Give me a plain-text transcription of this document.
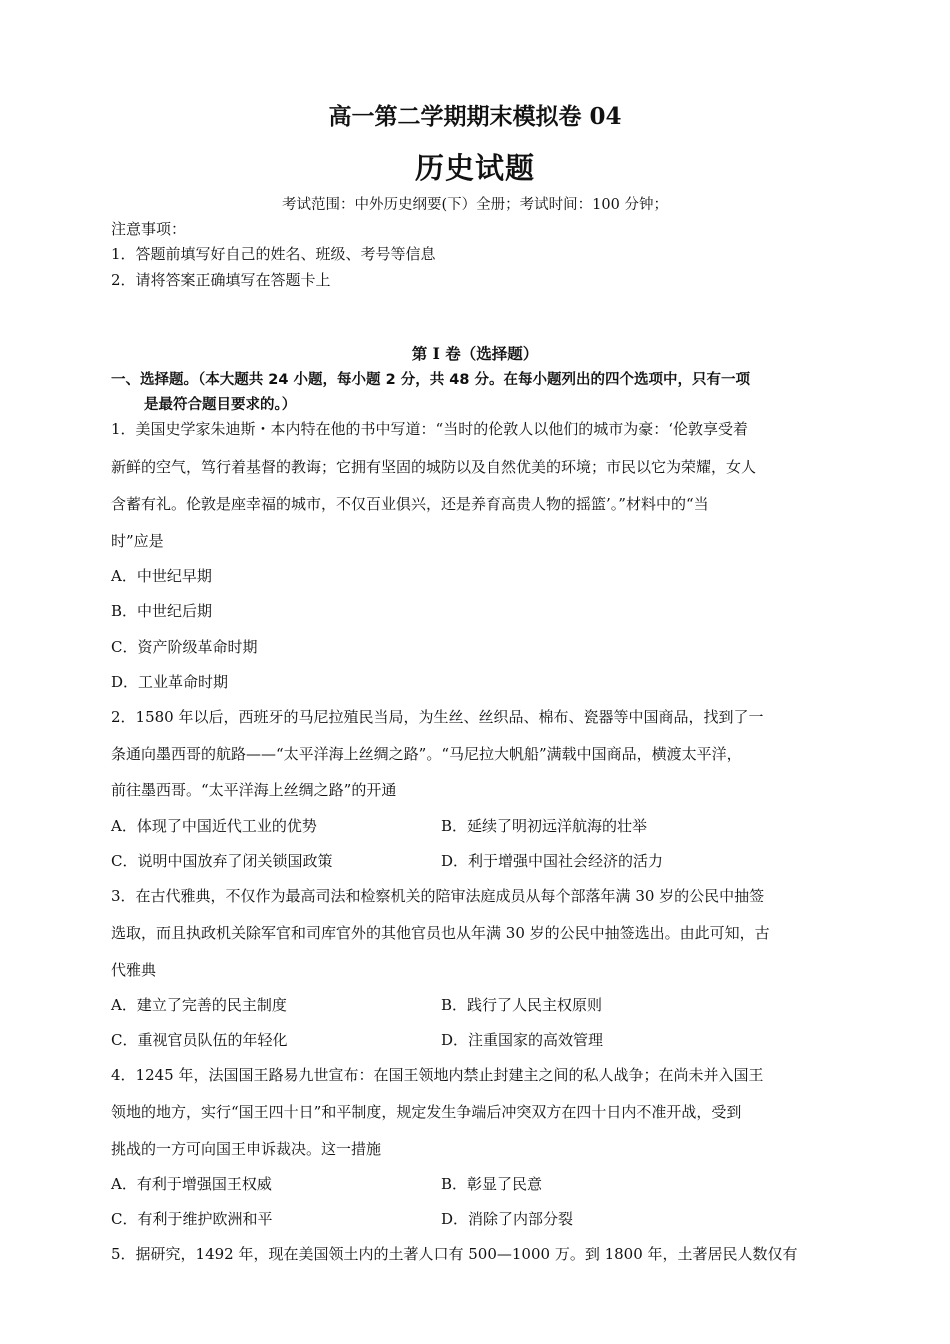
高一第二学期期末模拟卷 04
历史试题
考试范围：中外历史纲要(下）全册；考试时间：100 分钟；
注意事项：
1．答题前填写好自己的姓名、班级、考号等信息
2．请将答案正确填写在答题卡上
第 I 卷（选择题）
一、选择题。（本大题共 24 小题，每小题 2 分，共 48 分。在每小题列出的四个选项中，只有一项
是最符合题目要求的。）
1．美国史学家朱迪斯・本内特在他的书中写道：“当时的伦敦人以他们的城市为豪：‘伦敦享受着
新鲜的空气，笃行着基督的教诲；它拥有坚固的城防以及自然优美的环境；市民以它为荣耀，女人
含蓄有礼。伦敦是座幸福的城市，不仅百业俱兴，还是养育高贵人物的摇篮’。”材料中的“当
时”应是
A．中世纪早期
B．中世纪后期
C．资产阶级革命时期
D．工业革命时期
2．1580 年以后，西班牙的马尼拉殖民当局，为生丝、丝织品、棉布、瓷器等中国商品，找到了一
条通向墨西哥的航路——“太平洋海上丝绸之路”。“马尼拉大帆船”满载中国商品，横渡太平洋，
前往墨西哥。“太平洋海上丝绸之路”的开通
A．体现了中国近代工业的优势	B．延续了明初远洋航海的壮举
C．说明中国放弃了闭关锁国政策	D．利于增强中国社会经济的活力
3．在古代雅典，不仅作为最高司法和检察机关的陪审法庭成员从每个部落年满 30 岁的公民中抽签
选取，而且执政机关除军官和司库官外的其他官员也从年满 30 岁的公民中抽签选出。由此可知，古
代雅典
A．建立了完善的民主制度	B．践行了人民主权原则
C．重视官员队伍的年轻化	D．注重国家的高效管理
4．1245 年，法国国王路易九世宣布：在国王领地内禁止封建主之间的私人战争；在尚未并入国王
领地的地方，实行“国王四十日”和平制度，规定发生争端后冲突双方在四十日内不准开战，受到
挑战的一方可向国王申诉裁决。这一措施
A．有利于增强国王权威	B．彰显了民意
C．有利于维护欧洲和平	D．消除了内部分裂
5．据研究，1492 年，现在美国领土内的土著人口有 500—1000 万。到 1800 年，土著居民人数仅有
